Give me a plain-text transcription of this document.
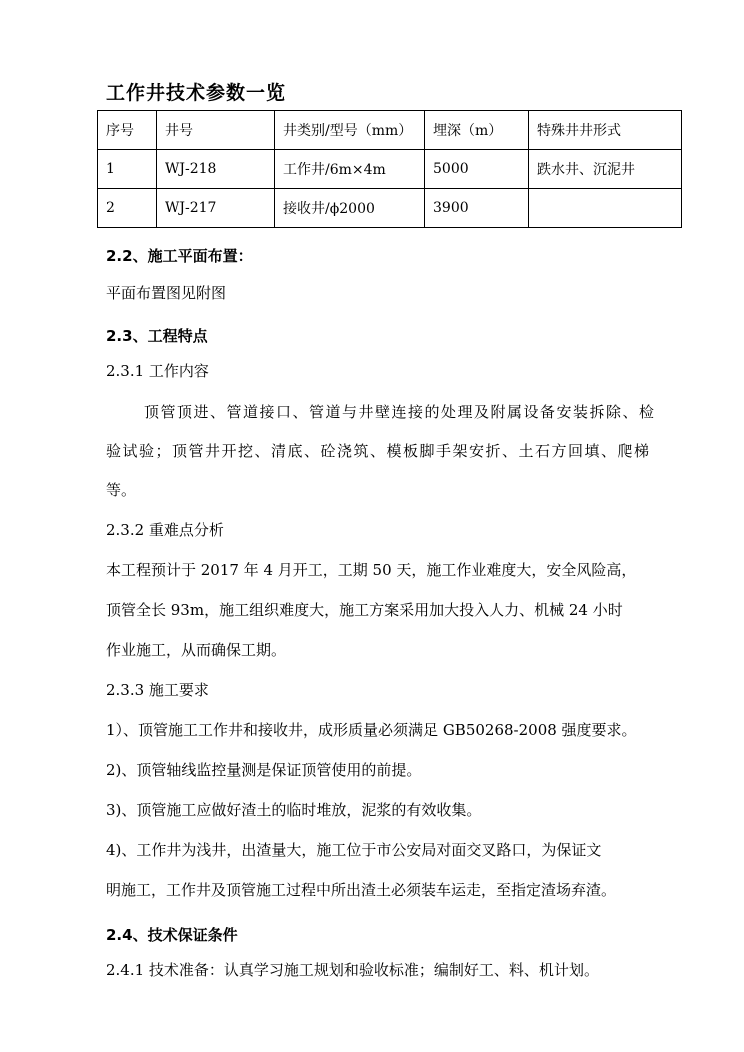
工作井技术参数一览
序号	井号	井类别/型号（mm）	埋深（m）	特殊井井形式
1	WJ-218	工作井/6m×4m	5000	跌水井、沉泥井
2	WJ-217	接收井/ϕ2000	3900	
2.2、施工平面布置：
平面布置图见附图
2.3、工程特点
2.3.1 工作内容
顶管顶进、管道接口、管道与井壁连接的处理及附属设备安装拆除、检
验试验；顶管井开挖、清底、砼浇筑、模板脚手架安折、土石方回填、爬梯
等。
2.3.2 重难点分析
本工程预计于 2017 年 4 月开工，工期 50 天，施工作业难度大，安全风险高，
顶管全长 93m，施工组织难度大，施工方案采用加大投入人力、机械 24 小时
作业施工，从而确保工期。
2.3.3 施工要求
1）、顶管施工工作井和接收井，成形质量必须满足 GB50268-2008 强度要求。
2)、顶管轴线监控量测是保证顶管使用的前提。
3)、顶管施工应做好渣土的临时堆放，泥浆的有效收集。
4)、工作井为浅井，出渣量大，施工位于市公安局对面交叉路口，为保证文
明施工，工作井及顶管施工过程中所出渣土必须装车运走，至指定渣场弃渣。
2.4、技术保证条件
2.4.1 技术准备：认真学习施工规划和验收标准；编制好工、料、机计划。
